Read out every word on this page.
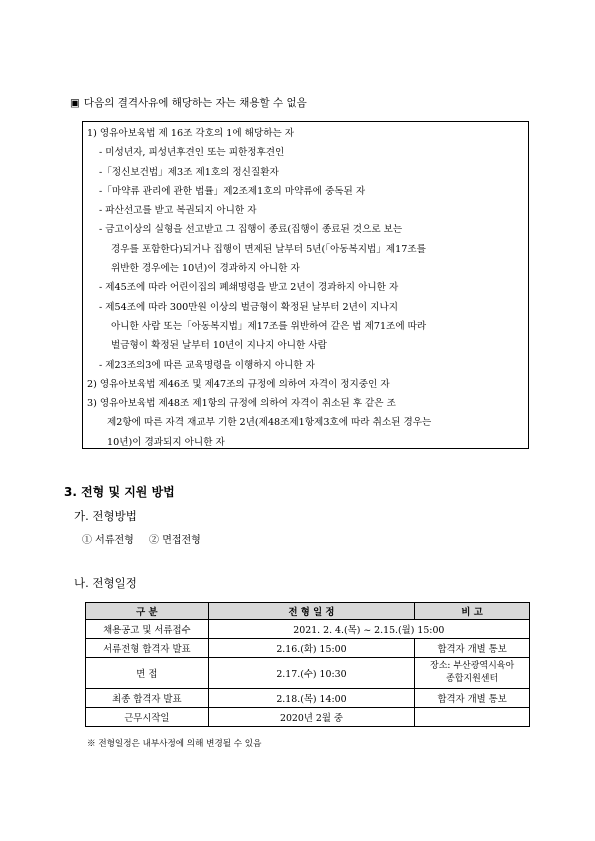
▣ 다음의 결격사유에 해당하는 자는 채용할 수 없음
1) 영유아보육법 제 16조 각호의 1에 해당하는 자
- 미성년자, 피성년후견인 또는 피한정후견인
-「정신보건법」제3조 제1호의 정신질환자
-「마약류 관리에 관한 법률」제2조제1호의 마약류에 중독된 자
- 파산선고를 받고 복권되지 아니한 자
- 금고이상의 실형을 선고받고 그 집행이 종료(집행이 종료된 것으로 보는
경우를 포함한다)되거나 집행이 면제된 날부터 5년(「아동복지법」제17조를
위반한 경우에는 10년)이 경과하지 아니한 자
- 제45조에 따라 어린이집의 폐쇄명령을 받고 2년이 경과하지 아니한 자
- 제54조에 따라 300만원 이상의 벌금형이 확정된 날부터 2년이 지나지
아니한 사람 또는「아동복지법」제17조를 위반하여 같은 법 제71조에 따라
벌금형이 확정된 날부터 10년이 지나지 아니한 사람
- 제23조의3에 따른 교육명령을 이행하지 아니한 자
2) 영유아보육법 제46조 및 제47조의 규정에 의하여 자격이 정지중인 자
3) 영유아보육법 제48조 제1항의 규정에 의하여 자격이 취소된 후 같은 조
제2항에 따른 자격 재교부 기한 2년(제48조제1항제3호에 따라 취소된 경우는
10년)이 경과되지 아니한 자
3. 전형 및 지원 방법
가. 전형방법
① 서류전형 ② 면접전형
나. 전형일정
구 분	전 형 일 정	비 고
채용공고 및 서류접수	2021. 2. 4.(목) ~ 2.15.(월) 15:00	
서류전형 합격자 발표	2.16.(화) 15:00	합격자 개별 통보
면 접	2.17.(수) 10:30	장소: 부산광역시육아
종합지원센터
최종 합격자 발표	2.18.(목) 14:00	합격자 개별 통보
근무시작일	2020년 2월 중	
※ 전형일정은 내부사정에 의해 변경될 수 있음
